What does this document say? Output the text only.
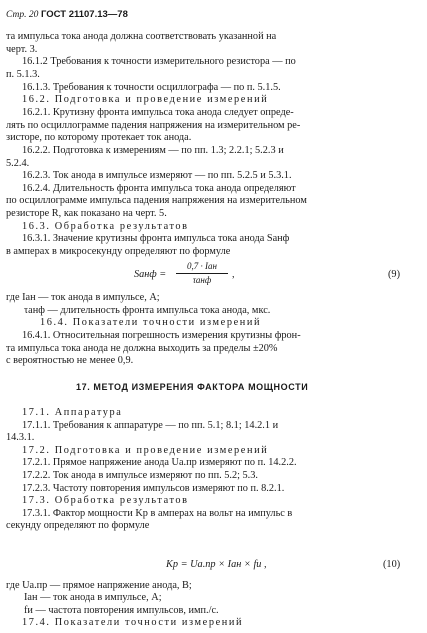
Стр. 20 ГОСТ 21107.13—78
та импульса тока анода должна соответствовать указанной на
черт. 3.
16.1.2 Требования к точности измерительного резистора — по
п. 5.1.3.
16.1.3. Требования к точности осциллографа — по п. 5.1.5.
16.2. Подготовка и проведение измерений
16.2.1. Крутизну фронта импульса тока анода следует опреде-
лять по осциллограмме падения напряжения на измерительном ре-
зисторе, по которому протекает ток анода.
16.2.2. Подготовка к измерениям — по пп. 1.3; 2.2.1; 5.2.3 и
5.2.4.
16.2.3. Ток анода в импульсе измеряют — по пп. 5.2.5 и 5.3.1.
16.2.4. Длительность фронта импульса тока анода определяют
по осциллограмме импульса падения напряжения на измерительном
резисторе R, как показано на черт. 5.
16.3. Обработка результатов
16.3.1. Значение крутизны фронта импульса тока анода Sанф
в амперах в микросекунду определяют по формуле
Sанф =
0,7 · Iан
τанф	,	(9)
где Iан — ток анода в импульсе, А;
τанф — длительность фронта импульса тока анода, мкс.
16.4. Показатели точности измерений
16.4.1. Относительная погрешность измерения крутизны фрон-
та импульса тока анода не должна выходить за пределы ±20%
с вероятностью не менее 0,9.
17. МЕТОД ИЗМЕРЕНИЯ ФАКТОРА МОЩНОСТИ
17.1. Аппаратура
17.1.1. Требования к аппаратуре — по пп. 5.1; 8.1; 14.2.1 и
14.3.1.
17.2. Подготовка и проведение измерений
17.2.1. Прямое напряжение анода Uа.пр измеряют по п. 14.2.2.
17.2.2. Ток анода в импульсе измеряют по пп. 5.2; 5.3.
17.2.3. Частоту повторения импульсов измеряют по п. 8.2.1.
17.3. Обработка результатов
17.3.1. Фактор мощности Kp в амперах на вольт на импульс в
секунду определяют по формуле
Kp = Uа.пр × Iан × fи ,	(10)
где Uа.пр — прямое напряжение анода, В;
Iан — ток анода в импульсе, А;
fи — частота повторения импульсов, имп./с.
17.4. Показатели точности измерений
